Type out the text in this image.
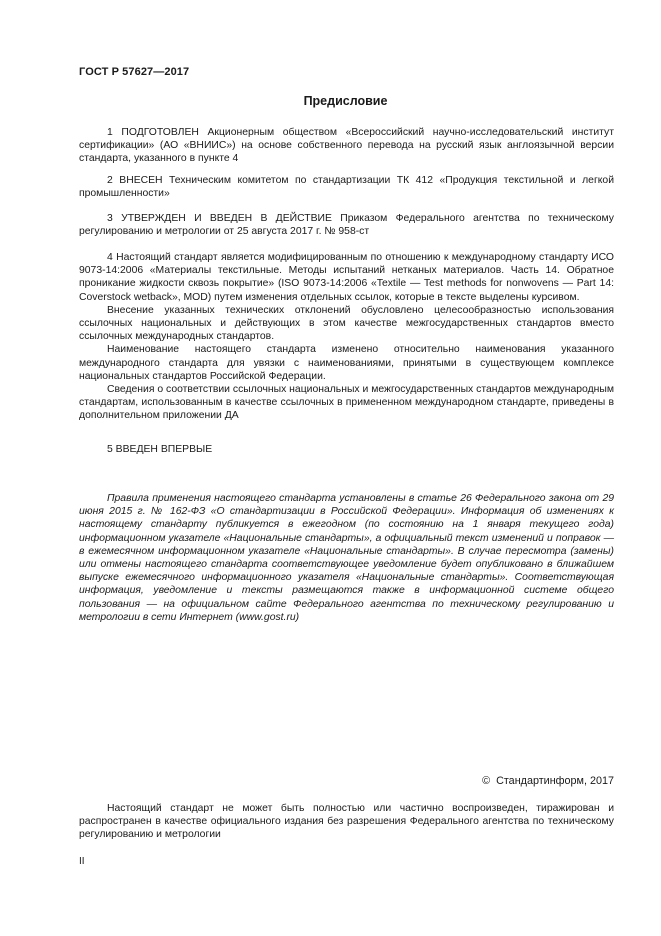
ГОСТ Р 57627—2017
Предисловие

1 ПОДГОТОВЛЕН Акционерным обществом «Всероссийский научно-исследовательский институт сертификации» (АО «ВНИИС») на основе собственного перевода на русский язык англоязычной версии стандарта, указанного в пункте 4

2 ВНЕСЕН Техническим комитетом по стандартизации ТК 412 «Продукция текстильной и легкой промышленности»

3 УТВЕРЖДЕН И ВВЕДЕН В ДЕЙСТВИЕ Приказом Федерального агентства по техническому регулированию и метрологии от 25 августа 2017 г. № 958-ст

4 Настоящий стандарт является модифицированным по отношению к международному стандарту ИСО 9073-14:2006 «Материалы текстильные. Методы испытаний нетканых материалов. Часть 14. Обратное проникание жидкости сквозь покрытие» (ISO 9073-14:2006 «Textile — Test methods for nonwovens — Part 14: Coverstock wetback», MOD) путем изменения отдельных ссылок, которые в тексте выделены курсивом.

Внесение указанных технических отклонений обусловлено целесообразностью использования ссылочных национальных и действующих в этом качестве межгосударственных стандартов вместо ссылочных международных стандартов.

Наименование настоящего стандарта изменено относительно наименования указанного международного стандарта для увязки с наименованиями, принятыми в существующем комплексе национальных стандартов Российской Федерации.

Сведения о соответствии ссылочных национальных и межгосударственных стандартов международным стандартам, использованным в качестве ссылочных в примененном международном стандарте, приведены в дополнительном приложении ДА

5 ВВЕДЕН ВПЕРВЫЕ

Правила применения настоящего стандарта установлены в статье 26 Федерального закона от 29 июня 2015 г. № 162-ФЗ «О стандартизации в Российской Федерации». Информация об изменениях к настоящему стандарту публикуется в ежегодном (по состоянию на 1 января текущего года) информационном указателе «Национальные стандарты», а официальный текст изменений и поправок — в ежемесячном информационном указателе «Национальные стандарты». В случае пересмотра (замены) или отмены настоящего стандарта соответствующее уведомление будет опубликовано в ближайшем выпуске ежемесячного информационного указателя «Национальные стандарты». Соответствующая информация, уведомление и тексты размещаются также в информационной системе общего пользования — на официальном сайте Федерального агентства по техническому регулированию и метрологии в сети Интернет (www.gost.ru)

© Стандартинформ, 2017

Настоящий стандарт не может быть полностью или частично воспроизведен, тиражирован и распространен в качестве официального издания без разрешения Федерального агентства по техническому регулированию и метрологии

II
